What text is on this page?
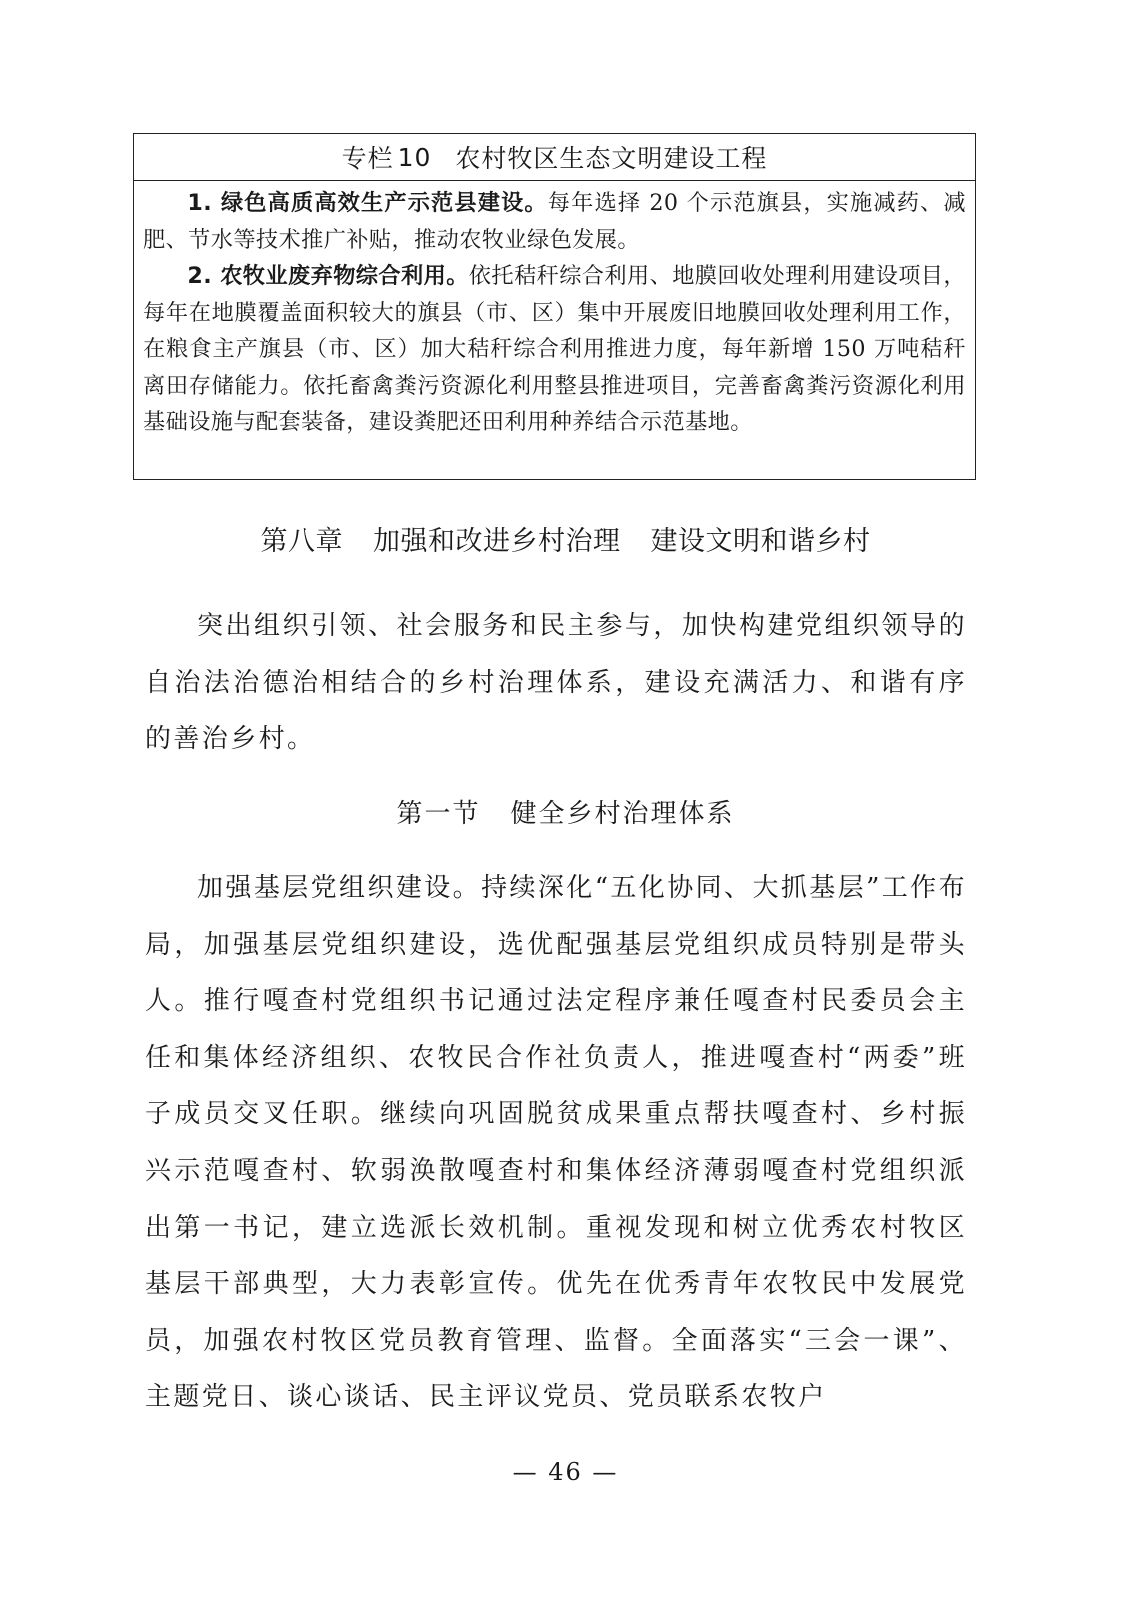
专栏 10 农村牧区生态文明建设工程

1. 绿色高质高效生产示范县建设。每年选择 20 个示范旗县，实施减药、减肥、节水等技术推广补贴，推动农牧业绿色发展。

2. 农牧业废弃物综合利用。依托秸秆综合利用、地膜回收处理利用建设项目，每年在地膜覆盖面积较大的旗县（市、区）集中开展废旧地膜回收处理利用工作，在粮食主产旗县（市、区）加大秸秆综合利用推进力度，每年新增 150 万吨秸秆离田存储能力。依托畜禽粪污资源化利用整县推进项目，完善畜禽粪污资源化利用基础设施与配套装备，建设粪肥还田利用种养结合示范基地。

第八章 加强和改进乡村治理 建设文明和谐乡村

突出组织引领、社会服务和民主参与，加快构建党组织领导的自治法治德治相结合的乡村治理体系，建设充满活力、和谐有序的善治乡村。

第一节 健全乡村治理体系

加强基层党组织建设。持续深化“五化协同、大抓基层”工作布局，加强基层党组织建设，选优配强基层党组织成员特别是带头人。推行嘎查村党组织书记通过法定程序兼任嘎查村民委员会主任和集体经济组织、农牧民合作社负责人，推进嘎查村“两委”班子成员交叉任职。继续向巩固脱贫成果重点帮扶嘎查村、乡村振兴示范嘎查村、软弱涣散嘎查村和集体经济薄弱嘎查村党组织派出第一书记，建立选派长效机制。重视发现和树立优秀农村牧区基层干部典型，大力表彰宣传。优先在优秀青年农牧民中发展党员，加强农村牧区党员教育管理、监督。全面落实“三会一课”、主题党日、谈心谈话、民主评议党员、党员联系农牧户

— 46 —
